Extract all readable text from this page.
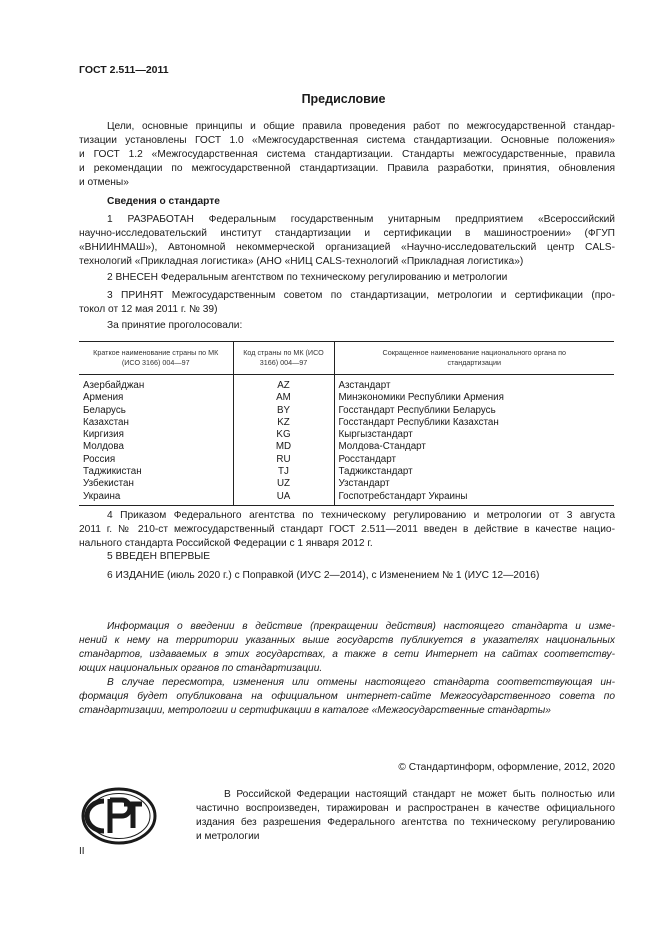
ГОСТ 2.511—2011
Предисловие
Цели, основные принципы и общие правила проведения работ по межгосударственной стандар-
тизации установлены ГОСТ 1.0 «Межгосударственная система стандартизации. Основные положения»
и ГОСТ 1.2 «Межгосударственная система стандартизации. Стандарты межгосударственные, правила
и рекомендации по межгосударственной стандартизации. Правила разработки, принятия, обновления
и отмены»
Сведения о стандарте
1 РАЗРАБОТАН Федеральным государственным унитарным предприятием «Всероссийский
научно-исследовательский институт стандартизации и сертификации в машиностроении» (ФГУП
«ВНИИНМАШ»), Автономной некоммерческой организацией «Научно-исследовательский центр CALS-
технологий «Прикладная логистика» (АНО «НИЦ CALS-технологий «Прикладная логистика»)
2 ВНЕСЕН Федеральным агентством по техническому регулированию и метрологии
3 ПРИНЯТ Межгосударственным советом по стандартизации, метрологии и сертификации (про-
токол от 12 мая 2011 г. № 39)
За принятие проголосовали:
Краткое наименование страны по МК (ИСО 3166) 004—97	Код страны по МК (ИСО 3166) 004—97	Сокращенное наименование национального органа по стандартизации
Азербайджан	AZ	Азстандарт
Армения	AM	Минэкономики Республики Армения
Беларусь	BY	Госстандарт Республики Беларусь
Казахстан	KZ	Госстандарт Республики Казахстан
Киргизия	KG	Кыргызстандарт
Молдова	MD	Молдова-Стандарт
Россия	RU	Росстандарт
Таджикистан	TJ	Таджикстандарт
Узбекистан	UZ	Узстандарт
Украина	UA	Госпотребстандарт Украины
4 Приказом Федерального агентства по техническому регулированию и метрологии от 3 августа
2011 г. № 210-ст межгосударственный стандарт ГОСТ 2.511—2011 введен в действие в качестве нацио-
нального стандарта Российской Федерации с 1 января 2012 г.
5 ВВЕДЕН ВПЕРВЫЕ
6 ИЗДАНИЕ (июль 2020 г.) с Поправкой (ИУС 2—2014), с Изменением № 1 (ИУС 12—2016)
Информация о введении в действие (прекращении действия) настоящего стандарта и изме-
нений к нему на территории указанных выше государств публикуется в указателях национальных
стандартов, издаваемых в этих государствах, а также в сети Интернет на сайтах соответству-
ющих национальных органов по стандартизации.
В случае пересмотра, изменения или отмены настоящего стандарта соответствующая ин-
формация будет опубликована на официальном интернет-сайте Межгосударственного совета по
стандартизации, метрологии и сертификации в каталоге «Межгосударственные стандарты»
© Стандартинформ, оформление, 2012, 2020
В Российской Федерации настоящий стандарт не может быть полностью или
частично воспроизведен, тиражирован и распространен в качестве официального
издания без разрешения Федерального агентства по техническому регулированию
и метрологии
II
